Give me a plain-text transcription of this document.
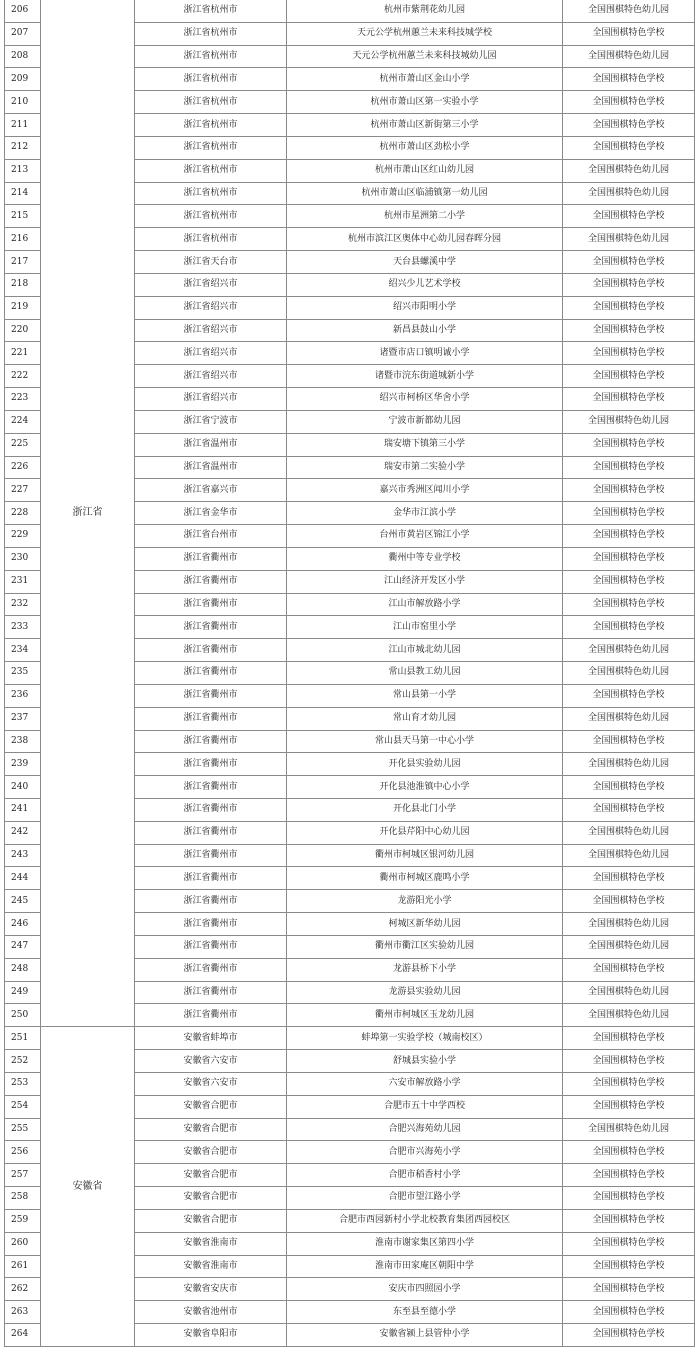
206	浙江省	浙江省杭州市	杭州市紫荆花幼儿园	全国围棋特色幼儿园
207		浙江省杭州市	天元公学杭州蕙兰未来科技城学校	全国围棋特色学校
208		浙江省杭州市	天元公学杭州蕙兰未来科技城幼儿园	全国围棋特色幼儿园
209		浙江省杭州市	杭州市萧山区金山小学	全国围棋特色学校
210		浙江省杭州市	杭州市萧山区第一实验小学	全国围棋特色学校
211		浙江省杭州市	杭州市萧山区新街第三小学	全国围棋特色学校
212		浙江省杭州市	杭州市萧山区劲松小学	全国围棋特色学校
213		浙江省杭州市	杭州市萧山区红山幼儿园	全国围棋特色幼儿园
214		浙江省杭州市	杭州市萧山区临浦镇第一幼儿园	全国围棋特色幼儿园
215		浙江省杭州市	杭州市星洲第二小学	全国围棋特色学校
216		浙江省杭州市	杭州市滨江区奥体中心幼儿园春晖分园	全国围棋特色幼儿园
217		浙江省天台市	天台县螺溪中学	全国围棋特色学校
218		浙江省绍兴市	绍兴少儿艺术学校	全国围棋特色学校
219		浙江省绍兴市	绍兴市阳明小学	全国围棋特色学校
220		浙江省绍兴市	新昌县鼓山小学	全国围棋特色学校
221		浙江省绍兴市	诸暨市店口镇明诚小学	全国围棋特色学校
222		浙江省绍兴市	诸暨市浣东街道城新小学	全国围棋特色学校
223		浙江省绍兴市	绍兴市柯桥区华舍小学	全国围棋特色学校
224		浙江省宁波市	宁波市新都幼儿园	全国围棋特色幼儿园
225		浙江省温州市	瑞安塘下镇第三小学	全国围棋特色学校
226		浙江省温州市	瑞安市第二实验小学	全国围棋特色学校
227		浙江省嘉兴市	嘉兴市秀洲区闻川小学	全国围棋特色学校
228		浙江省金华市	金华市江滨小学	全国围棋特色学校
229		浙江省台州市	台州市黄岩区锦江小学	全国围棋特色学校
230		浙江省衢州市	衢州中等专业学校	全国围棋特色学校
231		浙江省衢州市	江山经济开发区小学	全国围棋特色学校
232		浙江省衢州市	江山市解放路小学	全国围棋特色学校
233		浙江省衢州市	江山市窑里小学	全国围棋特色学校
234		浙江省衢州市	江山市城北幼儿园	全国围棋特色幼儿园
235		浙江省衢州市	常山县教工幼儿园	全国围棋特色幼儿园
236		浙江省衢州市	常山县第一小学	全国围棋特色学校
237		浙江省衢州市	常山育才幼儿园	全国围棋特色幼儿园
238		浙江省衢州市	常山县天马第一中心小学	全国围棋特色学校
239		浙江省衢州市	开化县实验幼儿园	全国围棋特色幼儿园
240		浙江省衢州市	开化县池淮镇中心小学	全国围棋特色学校
241		浙江省衢州市	开化县北门小学	全国围棋特色学校
242		浙江省衢州市	开化县芹阳中心幼儿园	全国围棋特色幼儿园
243		浙江省衢州市	衢州市柯城区银河幼儿园	全国围棋特色幼儿园
244		浙江省衢州市	衢州市柯城区鹿鸣小学	全国围棋特色学校
245		浙江省衢州市	龙游阳光小学	全国围棋特色学校
246		浙江省衢州市	柯城区新华幼儿园	全国围棋特色幼儿园
247		浙江省衢州市	衢州市衢江区实验幼儿园	全国围棋特色幼儿园
248		浙江省衢州市	龙游县桥下小学	全国围棋特色学校
249		浙江省衢州市	龙游县实验幼儿园	全国围棋特色幼儿园
250		浙江省衢州市	衢州市柯城区玉龙幼儿园	全国围棋特色幼儿园
251	安徽省	安徽省蚌埠市	蚌埠第一实验学校（城南校区）	全国围棋特色学校
252		安徽省六安市	舒城县实验小学	全国围棋特色学校
253		安徽省六安市	六安市解放路小学	全国围棋特色学校
254		安徽省合肥市	合肥市五十中学西校	全国围棋特色学校
255		安徽省合肥市	合肥兴海苑幼儿园	全国围棋特色幼儿园
256		安徽省合肥市	合肥市兴海苑小学	全国围棋特色学校
257		安徽省合肥市	合肥市稻香村小学	全国围棋特色学校
258		安徽省合肥市	合肥市望江路小学	全国围棋特色学校
259		安徽省合肥市	合肥市西园新村小学北校教育集团西园校区	全国围棋特色学校
260		安徽省淮南市	淮南市谢家集区第四小学	全国围棋特色学校
261		安徽省淮南市	淮南市田家庵区朝阳中学	全国围棋特色学校
262		安徽省安庆市	安庆市四照园小学	全国围棋特色学校
263		安徽省池州市	东至县至德小学	全国围棋特色学校
264		安徽省阜阳市	安徽省颍上县管仲小学	全国围棋特色学校
